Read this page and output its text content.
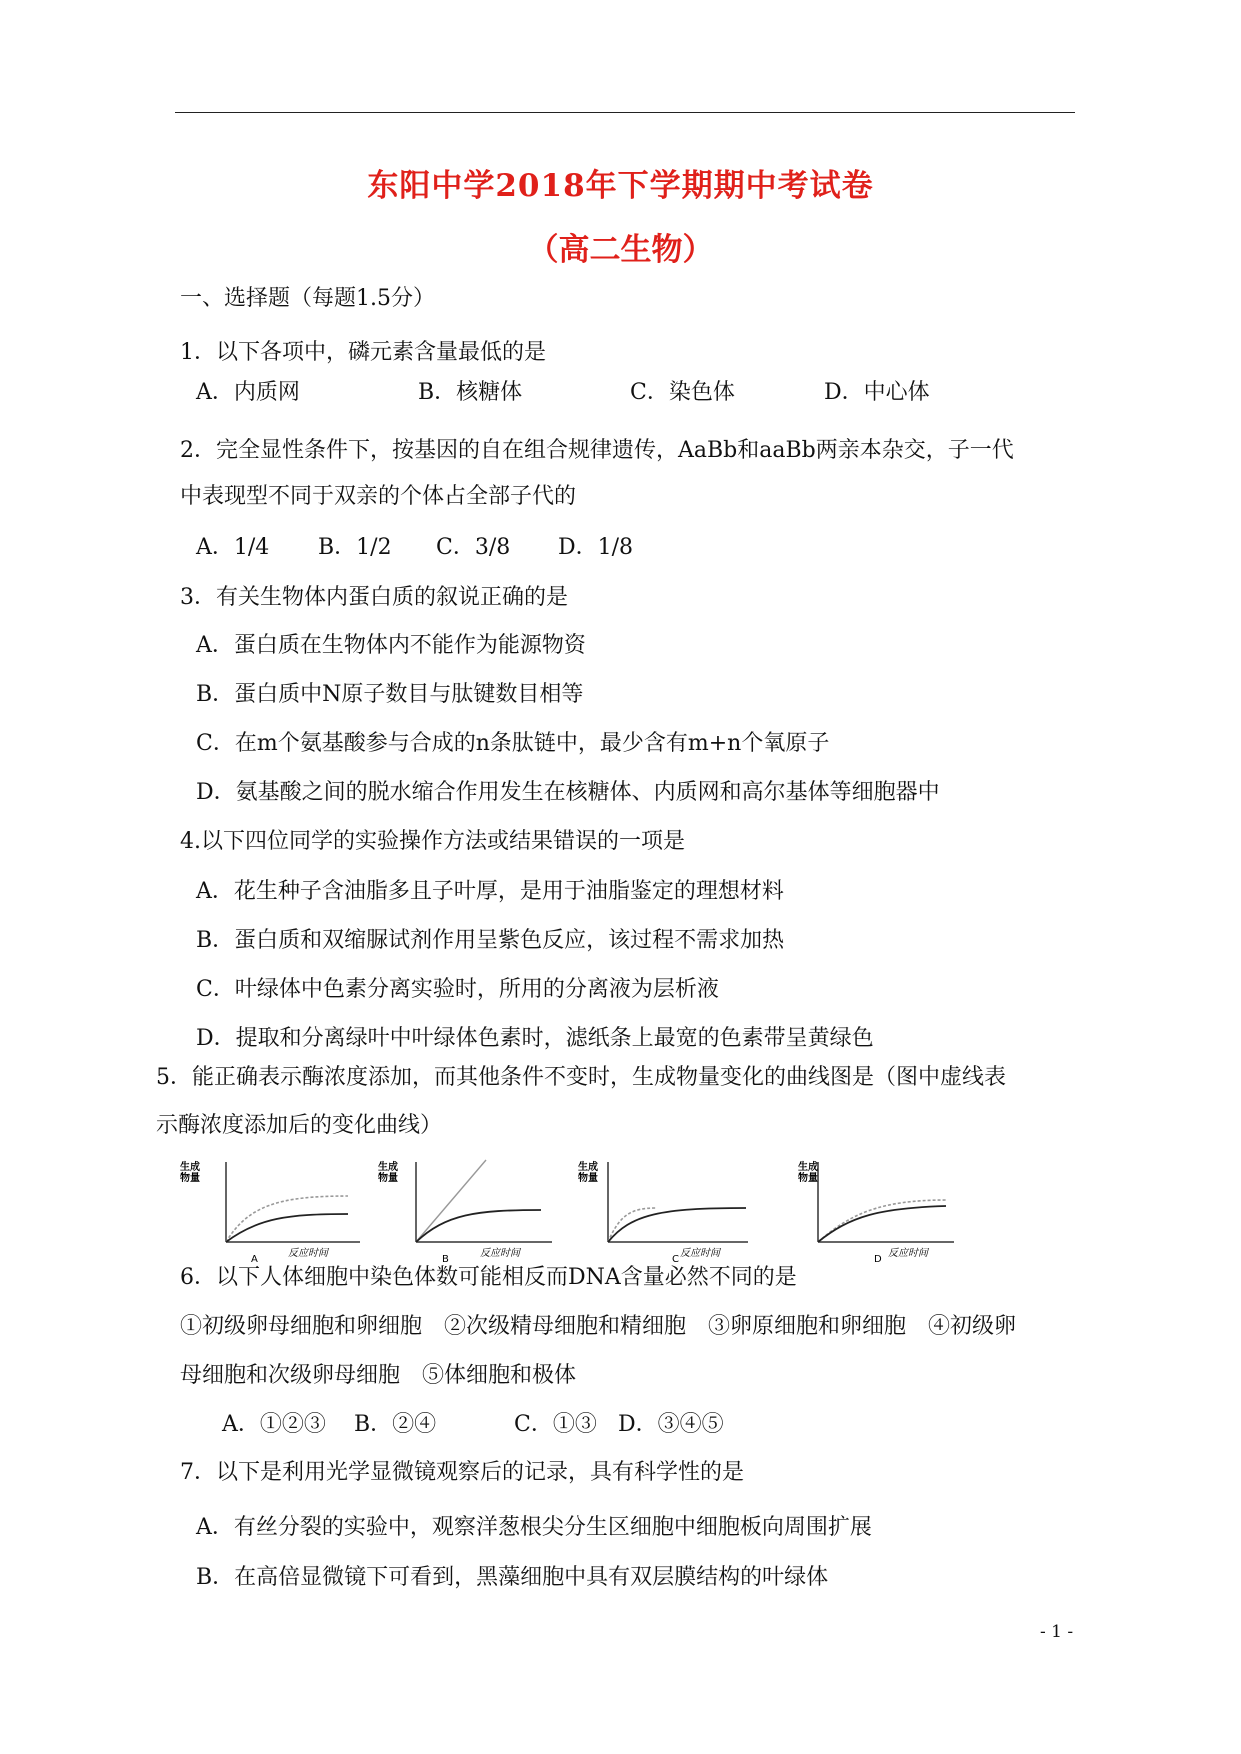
东阳中学2018年下学期期中考试卷
（高二生物）
一、选择题（每题1.5分）
1．以下各项中，磷元素含量最低的是
A．内质网	B．核糖体	C．染色体	D．中心体
2．完全显性条件下，按基因的自在组合规律遗传，AaBb和aaBb两亲本杂交，子一代
中表现型不同于双亲的个体占全部子代的
A．1/4 B．1/2 C．3/8 D．1/8
3．有关生物体内蛋白质的叙说正确的是
A．蛋白质在生物体内不能作为能源物资
B．蛋白质中N原子数目与肽键数目相等
C．在m个氨基酸参与合成的n条肽链中，最少含有m+n个氧原子
D．氨基酸之间的脱水缩合作用发生在核糖体、内质网和高尔基体等细胞器中
4.以下四位同学的实验操作方法或结果错误的一项是
A．花生种子含油脂多且子叶厚，是用于油脂鉴定的理想材料
B．蛋白质和双缩脲试剂作用呈紫色反应，该过程不需求加热
C．叶绿体中色素分离实验时，所用的分离液为层析液
D．提取和分离绿叶中叶绿体色素时，滤纸条上最宽的色素带呈黄绿色
5．能正确表示酶浓度添加，而其他条件不变时，生成物量变化的曲线图是（图中虚线表
示酶浓度添加后的变化曲线）
生成物量
反应时间
A
生成物量
反应时间
B
生成物量
反应时间
C
生成物量
反应时间
D
6．以下人体细胞中染色体数可能相反而DNA含量必然不同的是
①初级卵母细胞和卵细胞　②次级精母细胞和精细胞　③卵原细胞和卵细胞　④初级卵
母细胞和次级卵母细胞　⑤体细胞和极体
A．①②③ B．②④	C．①③ D．③④⑤
7．以下是利用光学显微镜观察后的记录，具有科学性的是
A．有丝分裂的实验中，观察洋葱根尖分生区细胞中细胞板向周围扩展
B．在高倍显微镜下可看到，黑藻细胞中具有双层膜结构的叶绿体
- 1 -
